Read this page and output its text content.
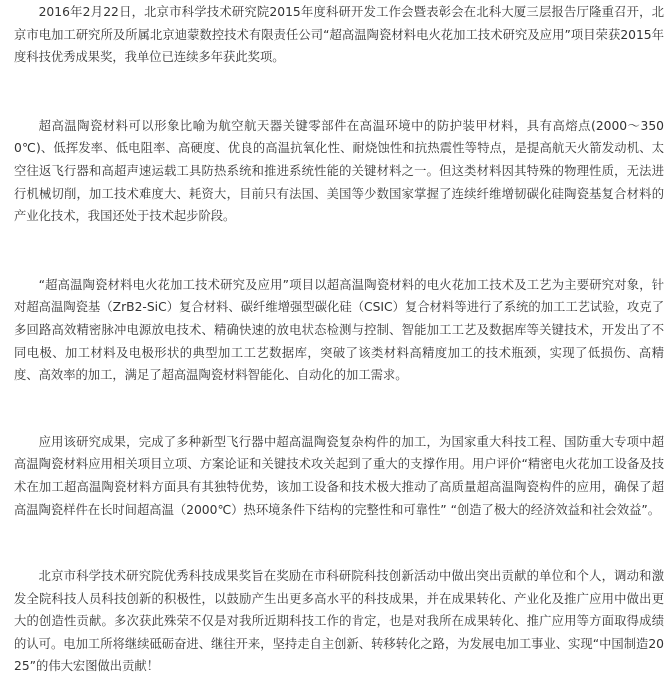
2016年2月22日，北京市科学技术研究院2015年度科研开发工作会暨表彰会在北科大厦三层报告厅隆重召开，北京市电加工研究所及所属北京迪蒙数控技术有限责任公司“超高温陶瓷材料电火花加工技术研究及应用”项目荣获2015年度科技优秀成果奖，我单位已连续多年获此奖项。

超高温陶瓷材料可以形象比喻为航空航天器关键零部件在高温环境中的防护装甲材料，具有高熔点(2000～3500℃)、低挥发率、低电阻率、高硬度、优良的高温抗氧化性、耐烧蚀性和抗热震性等特点，是提高航天火箭发动机、太空往返飞行器和高超声速运载工具防热系统和推进系统性能的关键材料之一。但这类材料因其特殊的物理性质，无法进行机械切削，加工技术难度大、耗资大，目前只有法国、美国等少数国家掌握了连续纤维增韧碳化硅陶瓷基复合材料的产业化技术，我国还处于技术起步阶段。

“超高温陶瓷材料电火花加工技术研究及应用”项目以超高温陶瓷材料的电火花加工技术及工艺为主要研究对象，针对超高温陶瓷基（ZrB2-SiC）复合材料、碳纤维增强型碳化硅（CSIC）复合材料等进行了系统的加工工艺试验，攻克了多回路高效精密脉冲电源放电技术、精确快速的放电状态检测与控制、智能加工工艺及数据库等关键技术，开发出了不同电极、加工材料及电极形状的典型加工工艺数据库，突破了该类材料高精度加工的技术瓶颈，实现了低损伤、高精度、高效率的加工，满足了超高温陶瓷材料智能化、自动化的加工需求。

应用该研究成果，完成了多种新型飞行器中超高温陶瓷复杂构件的加工，为国家重大科技工程、国防重大专项中超高温陶瓷材料应用相关项目立项、方案论证和关键技术攻关起到了重大的支撑作用。用户评价“精密电火花加工设备及技术在加工超高温陶瓷材料方面具有其独特优势，该加工设备和技术极大推动了高质量超高温陶瓷构件的应用，确保了超高温陶瓷样件在长时间超高温（2000℃）热环境条件下结构的完整性和可靠性” “创造了极大的经济效益和社会效益”。

北京市科学技术研究院优秀科技成果奖旨在奖励在市科研院科技创新活动中做出突出贡献的单位和个人，调动和激发全院科技人员科技创新的积极性，以鼓励产生出更多高水平的科技成果，并在成果转化、产业化及推广应用中做出更大的创造性贡献。多次获此殊荣不仅是对我所近期科技工作的肯定，也是对我所在成果转化、推广应用等方面取得成绩的认可。电加工所将继续砥砺奋进、继往开来，坚持走自主创新、转移转化之路，为发展电加工事业、实现“中国制造2025”的伟大宏图做出贡献！
